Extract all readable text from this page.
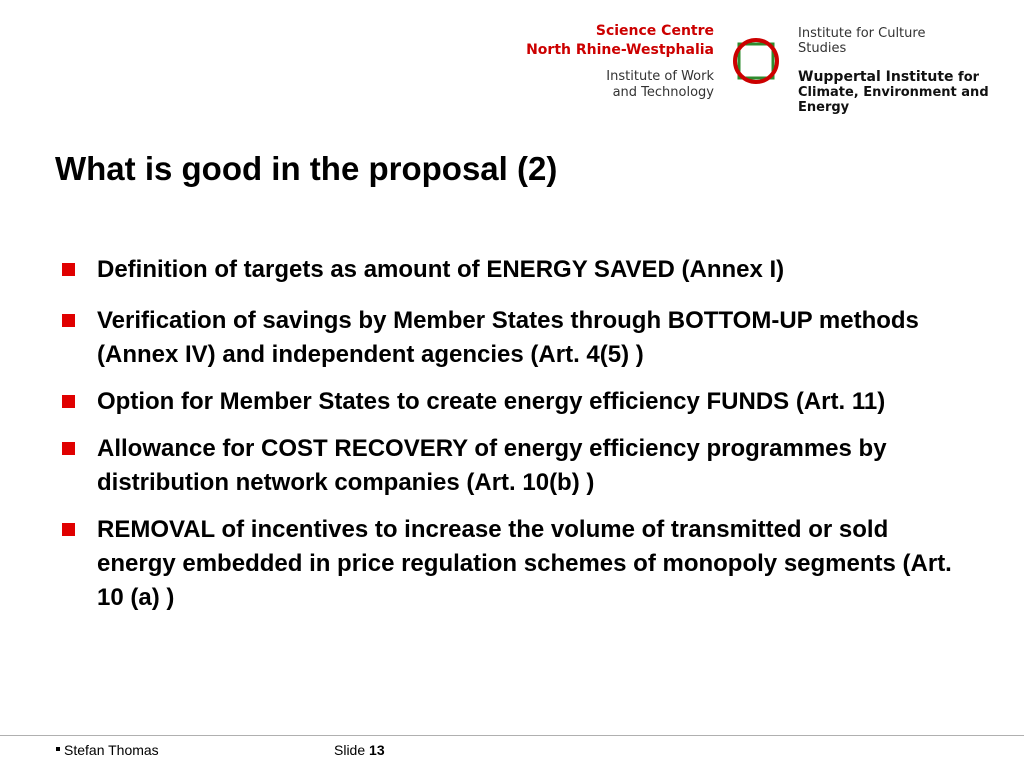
Science Centre
North Rhine-Westphalia
Institute of Work
and Technology
Institute for Culture Studies
Wuppertal Institute for Climate, Environment and Energy
What is good in the proposal (2)
Definition of targets as amount of ENERGY SAVED (Annex I)
Verification of savings by Member States through BOTTOM-UP methods (Annex IV) and independent agencies (Art. 4(5) )
Option for Member States to create energy efficiency FUNDS (Art. 11)
Allowance for COST RECOVERY of energy efficiency programmes by distribution network companies (Art. 10(b) )
REMOVAL of incentives to increase the volume of transmitted or sold energy embedded in price regulation schemes of monopoly segments (Art. 10 (a) )
Stefan Thomas	Slide 13
